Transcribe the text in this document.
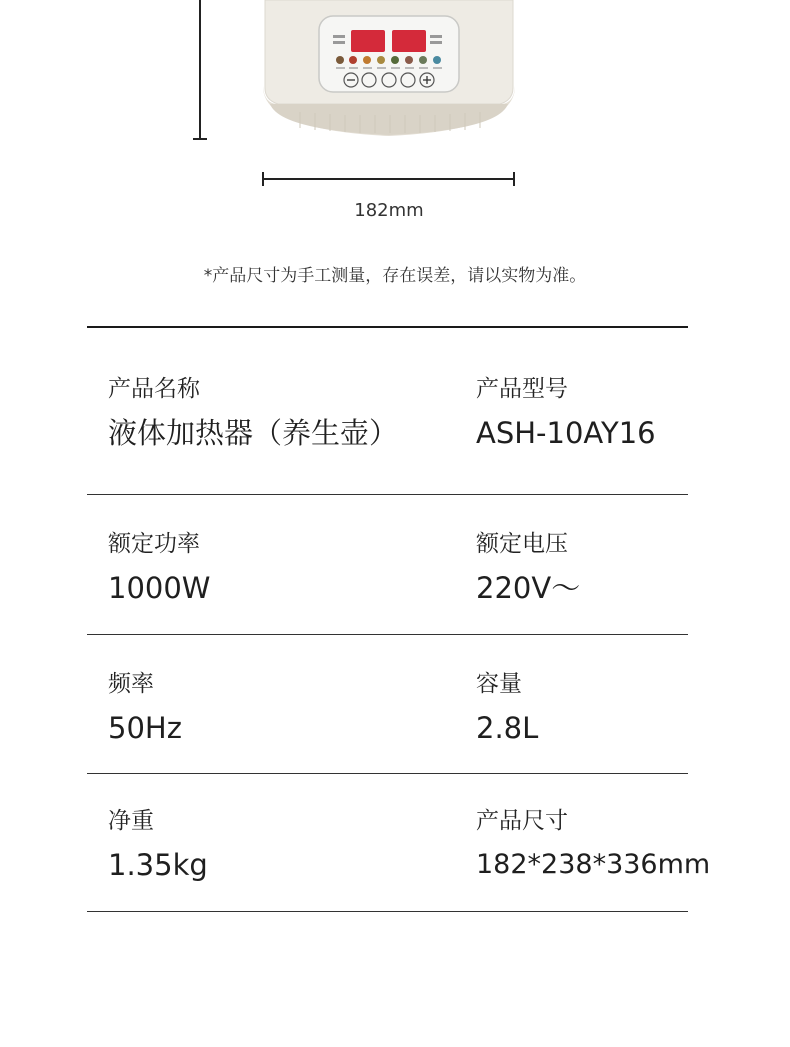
182mm
*产品尺寸为手工测量，存在误差，请以实物为准。
产品名称
液体加热器（养生壶）
产品型号
ASH-10AY16
额定功率
1000W
额定电压
220V～
频率
50Hz
容量
2.8L
净重
1.35kg
产品尺寸
182*238*336mm
